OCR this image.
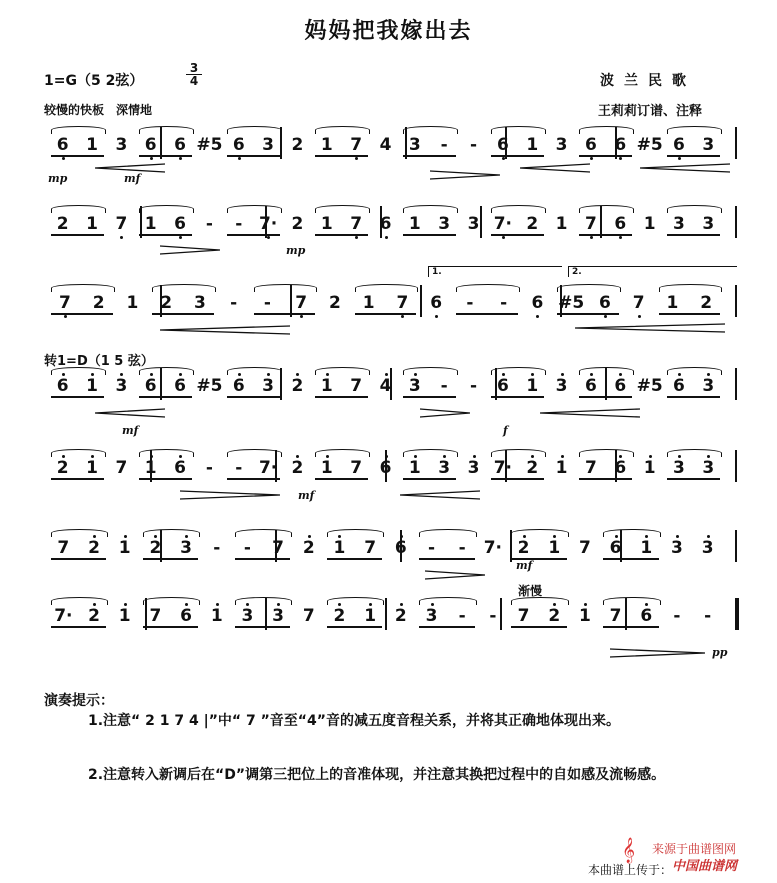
妈妈把我嫁出去
1=G（5 2弦）
3
4
较慢的快板　深情地
波兰民歌
王莉莉订谱、注释
转1=D（1 5 弦）
6	1	3	6	6 #5 6	3	2	1	7	4	3	-	-	6	1	3	6	6 #5 6	3
2	1	7	1	6	-	- 7· 2	1	7	6	1	3	3 7· 2	1	7	6	1	3	3
7	2	1	2	3	-	-	7	2	1	7	6	-	-	6 #5 6	7	1	2
6	1	3	6	6 #5 6	3	2	1	7	4	3	-	-	6	1	3	6	6 #5 6	3
2	1	7	1	6	-	- 7· 2	1	7	6	1	3	3 7· 2	1	7	6	1	3	3
7	2	1	2	3	-	-	7	2	1	7	6	-	-	7· 2	1	7	6	1	3	3
7· 2	1	7	6	1	3	3	7	2	1	2	3	-	-	7	2	1	7	6	-	-
mp	mf
mp
mf	f
mf
mf
pp
1.	2.
渐慢
演奏提示：
1.注意“ 2 1 7 4 |”中“ 7 ”音至“4”音的减五度音程关系，并将其正确地体现出来。
2.注意转入新调后在“D”调第三把位上的音准体现，并注意其换把过程中的自如感及流畅感。
𝄞 来源于曲谱图网
本曲谱上传于： 中国曲谱网
